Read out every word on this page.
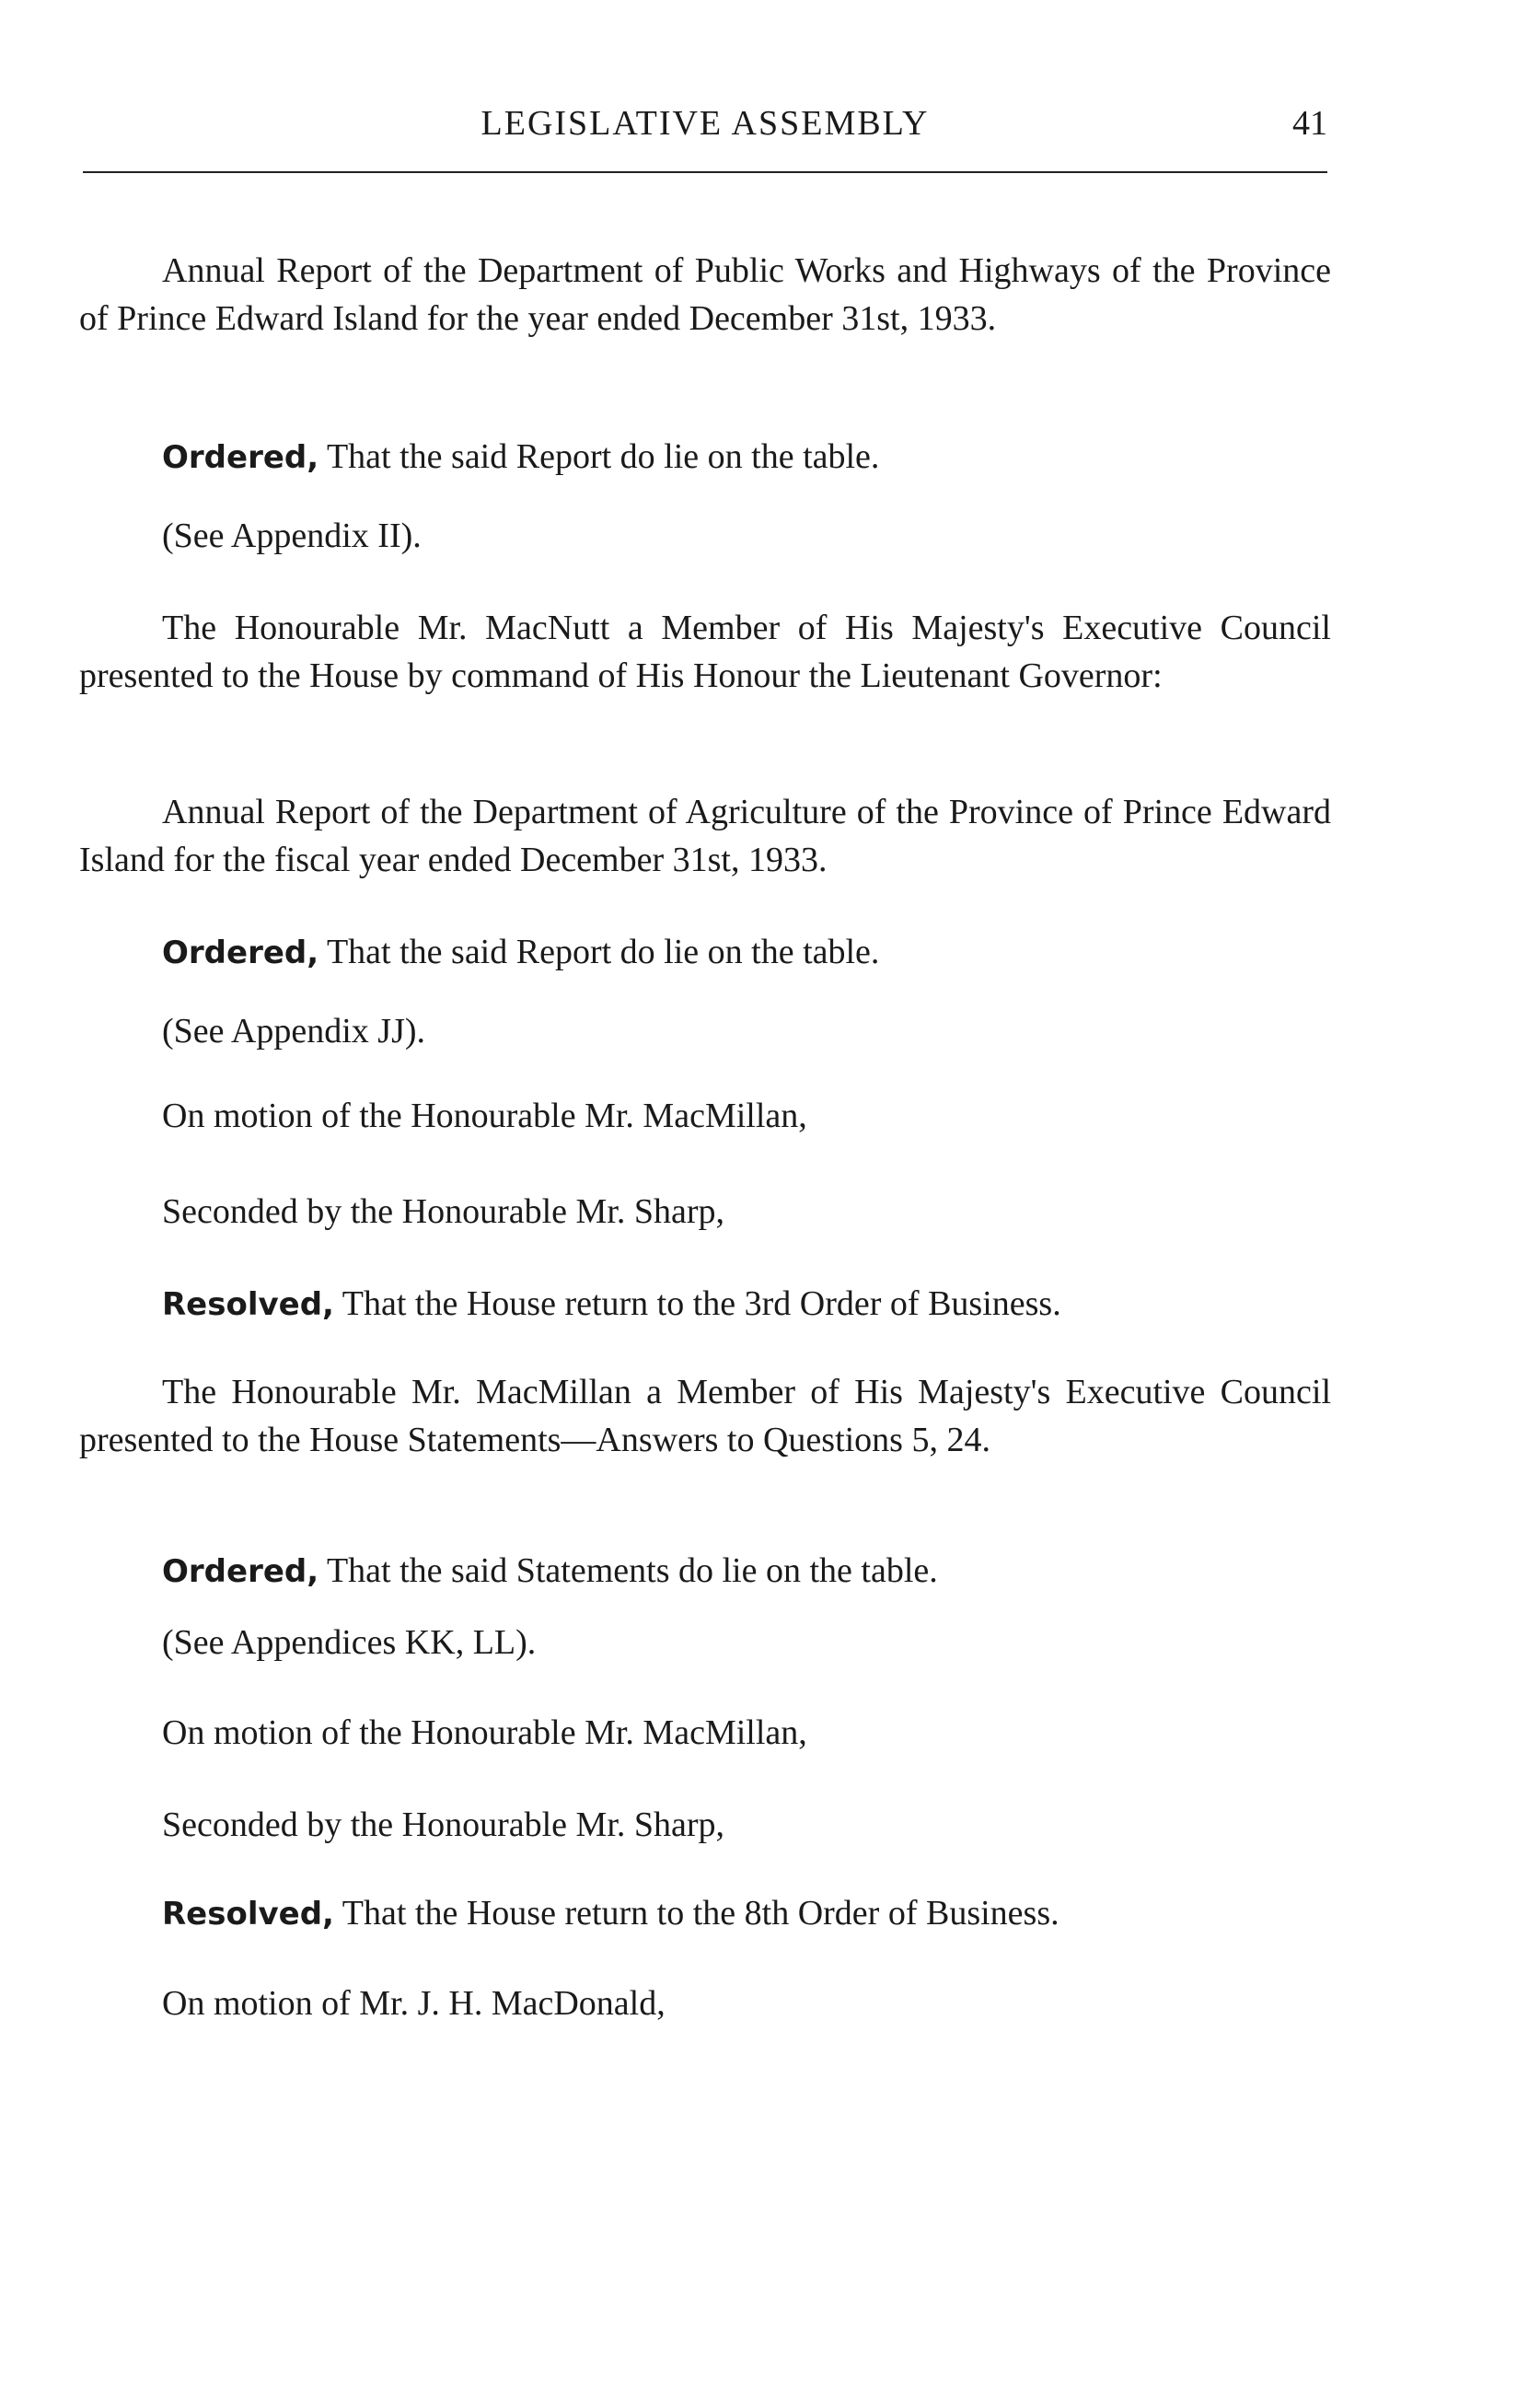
LEGISLATIVE ASSEMBLY	41

Annual Report of the Department of Public Works and Highways of the Province of Prince Edward Island for the year ended December 31st, 1933.

Ordered, That the said Report do lie on the table.

(See Appendix II).

The Honourable Mr. MacNutt a Member of His Majesty's Executive Council presented to the House by command of His Honour the Lieutenant Governor:

Annual Report of the Department of Agriculture of the Province of Prince Edward Island for the fiscal year ended December 31st, 1933.

Ordered, That the said Report do lie on the table.

(See Appendix JJ).

On motion of the Honourable Mr. MacMillan,

Seconded by the Honourable Mr. Sharp,

Resolved, That the House return to the 3rd Order of Business.

The Honourable Mr. MacMillan a Member of His Majesty's Executive Council presented to the House Statements—Answers to Questions 5, 24.

Ordered, That the said Statements do lie on the table.

(See Appendices KK, LL).

On motion of the Honourable Mr. MacMillan,

Seconded by the Honourable Mr. Sharp,

Resolved, That the House return to the 8th Order of Business.

On motion of Mr. J. H. MacDonald,
